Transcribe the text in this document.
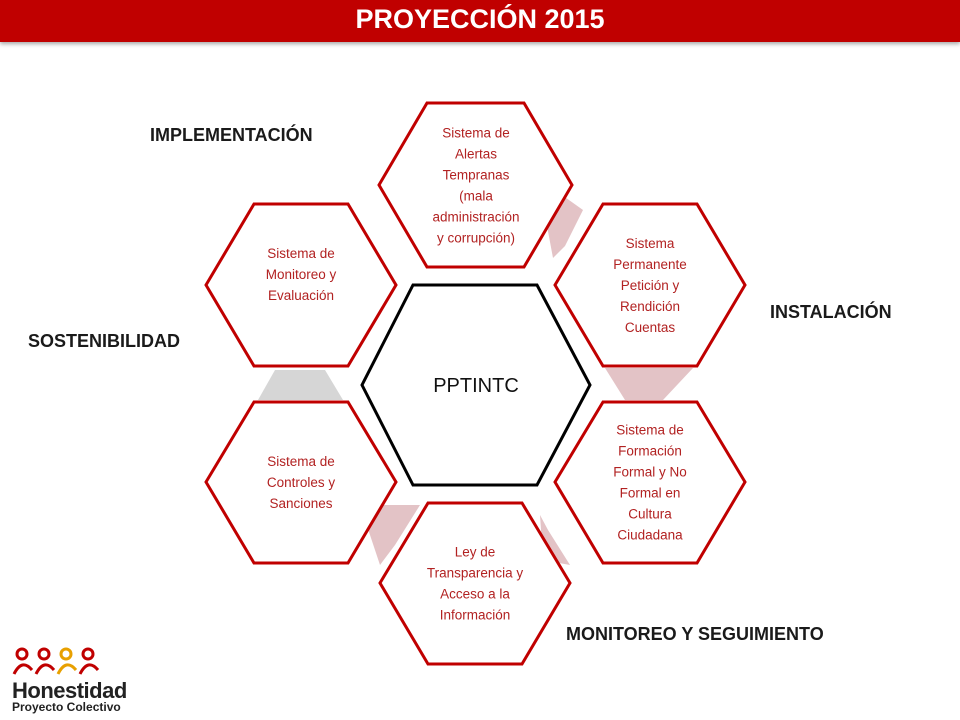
PROYECCIÓN 2015
PPTINTC
Sistema de Alertas Tempranas (mala administración y corrupción)	Sistema Permanente Petición y Rendición Cuentas
Sistema de Formación Formal y No Formal en Cultura Ciudadana
Ley de Transparencia y Acceso a la Información
Sistema de Controles y Sanciones
Sistema de Monitoreo y Evaluación
IMPLEMENTACIÓN
INSTALACIÓN
MONITOREO Y SEGUIMIENTO
SOSTENIBILIDAD
Honestidad
Proyecto Colectivo
